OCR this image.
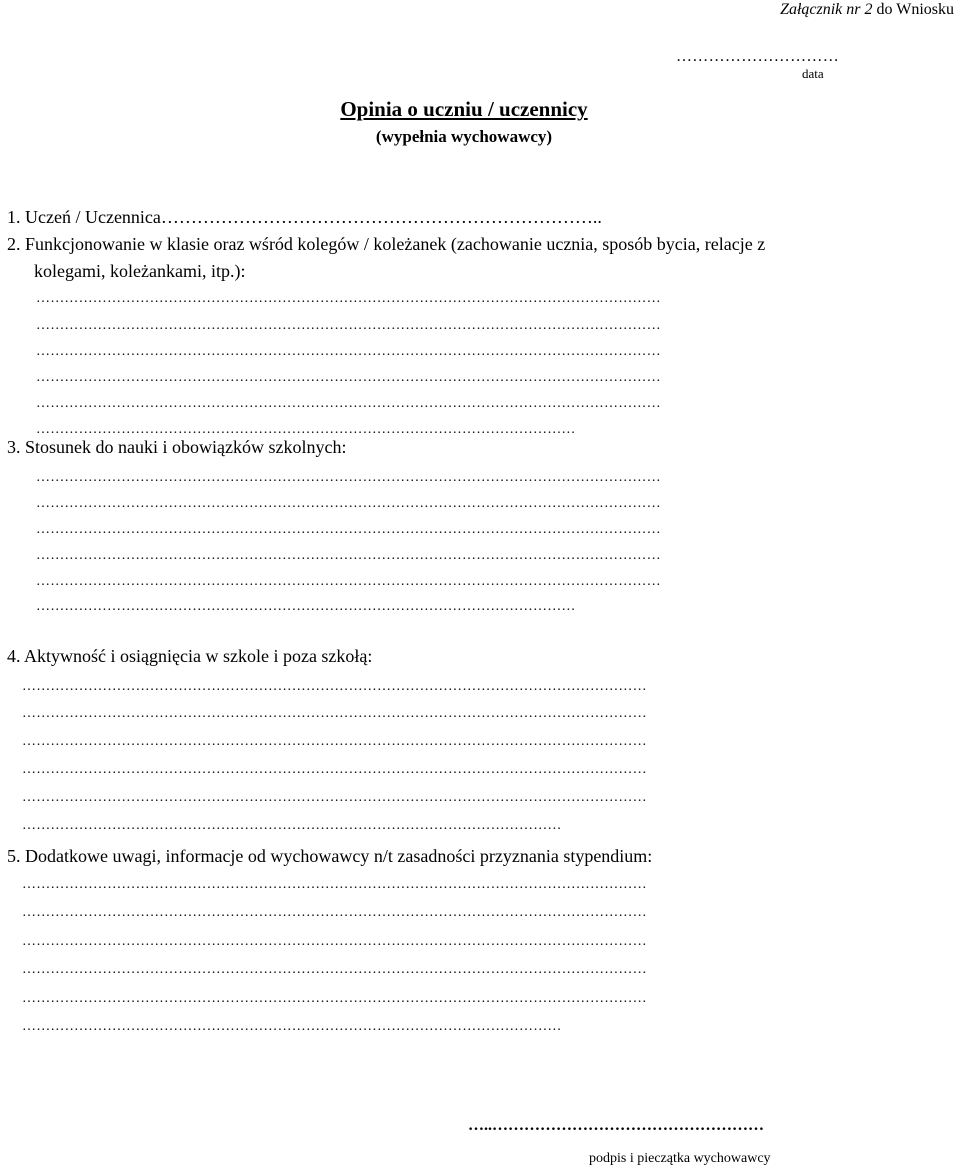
Załącznik nr 2 do Wniosku
…………………………
data
Opinia o uczniu / uczennicy
(wypełnia wychowawcy)
1. Uczeń / Uczennica………………………………………………………………..
2. Funkcjonowanie w klasie oraz wśród kolegów / koleżanek (zachowanie ucznia, sposób bycia, relacje z
kolegami, koleżankami, itp.):
……………………………………………………………………………………………………………………
……………………………………………………………………………………………………………………
……………………………………………………………………………………………………………………
……………………………………………………………………………………………………………………
……………………………………………………………………………………………………………………
……………………………………………………………………………………………………
3. Stosunek do nauki i obowiązków szkolnych:
……………………………………………………………………………………………………………………
……………………………………………………………………………………………………………………
……………………………………………………………………………………………………………………
……………………………………………………………………………………………………………………
……………………………………………………………………………………………………………………
……………………………………………………………………………………………………
4. Aktywność i osiągnięcia w szkole i poza szkołą:
……………………………………………………………………………………………………………………
……………………………………………………………………………………………………………………
……………………………………………………………………………………………………………………
……………………………………………………………………………………………………………………
……………………………………………………………………………………………………………………
……………………………………………………………………………………………………
5. Dodatkowe uwagi, informacje od wychowawcy n/t zasadności przyznania stypendium:
……………………………………………………………………………………………………………………
……………………………………………………………………………………………………………………
……………………………………………………………………………………………………………………
……………………………………………………………………………………………………………………
……………………………………………………………………………………………………………………
……………………………………………………………………………………………………
…..……………………………………………
podpis i pieczątka wychowawcy
